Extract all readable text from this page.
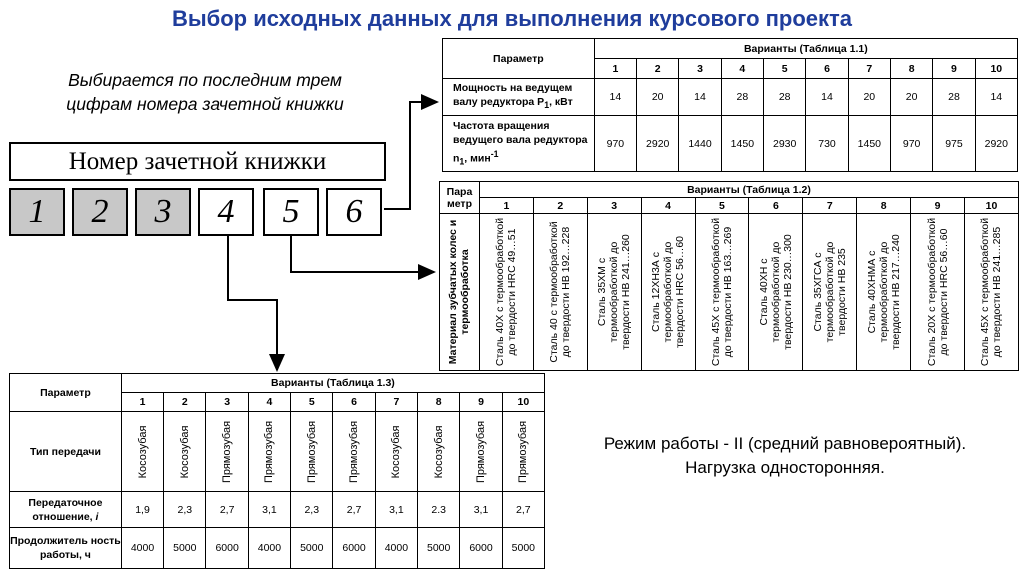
Выбор исходных данных для выполнения курсового проекта
Выбирается по последним трем цифрам номера зачетной книжки
Номер зачетной книжки
1	2	3	4	5	6
Параметр	Варианты (Таблица 1.1)									
	1	2	3	4	5	6	7	8	9	10
Мощность на ведущем валу редуктора $P_1$, кВт	14	20	14	28	28	14	20	20	28	14
Частота вращения ведущего вала редуктора $n_1$, мин$^{-1}$	970	2920	1440	1450	2930	730	1450	970	975	2920
Пара метр	Варианты (Таблица 1.2)									
	1	2	3	4	5	6	7	8	9	10

Материал зубчатых колес и термообработка	Сталь 40Х с термообработкой до твердости HRC 49…51	Сталь 40 с термообработкой до твердости НВ 192…228	Сталь 35ХМ с термообработкой до твердости НВ 241…260	Сталь 12ХН3А с термообработкой до твердости HRC 56…60	Сталь 45Х с термообработкой до твердости НВ 163…269	Сталь 40ХН с термообработкой до твердости НВ 230…300	Сталь 35ХГСА с термообработкой до твердости НВ 235	Сталь 40ХНМА с термообработкой до твердости НВ 217…240	Сталь 20Х с термообработкой до твердости HRC 56…60	Сталь 45Х с термообработкой до твердости НВ 241…285
Параметр	Варианты (Таблица 1.3)									
	1	2	3	4	5	6	7	8	9	10
Тип передачи	Косозубая	Косозубая	Прямозубая	Прямозубая	Прямозубая	Прямозубая	Косозубая	Косозубая	Прямозубая	Прямозубая

Передаточное отношение, i	1,9	2,3	2,7	3,1	2,3	2,7	3,1	2.3	3,1	2,7
Продолжитель ность работы, ч	4000	5000	6000	4000	5000	6000	4000	5000	6000	5000
Режим работы - II (средний равновероятный).
Нагрузка односторонняя.
